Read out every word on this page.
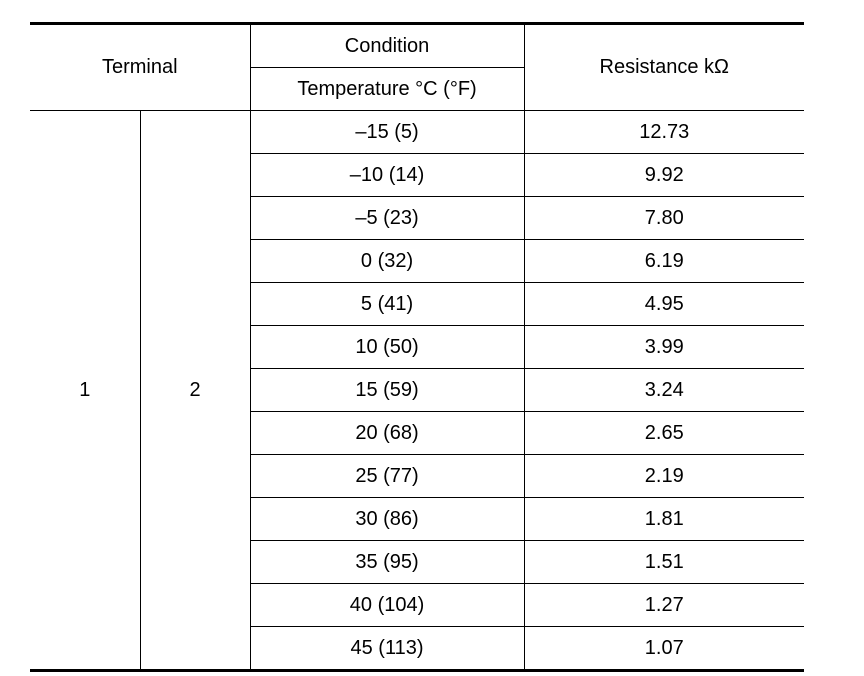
Terminal		Condition	Resistance kΩ
		Temperature °C (°F)	
1	2	–15 (5)	12.73
		–10 (14)	9.92
		–5 (23)	7.80
		0 (32)	6.19
		5 (41)	4.95
		10 (50)	3.99
		15 (59)	3.24
		20 (68)	2.65
		25 (77)	2.19
		30 (86)	1.81
		35 (95)	1.51
		40 (104)	1.27
		45 (113)	1.07
